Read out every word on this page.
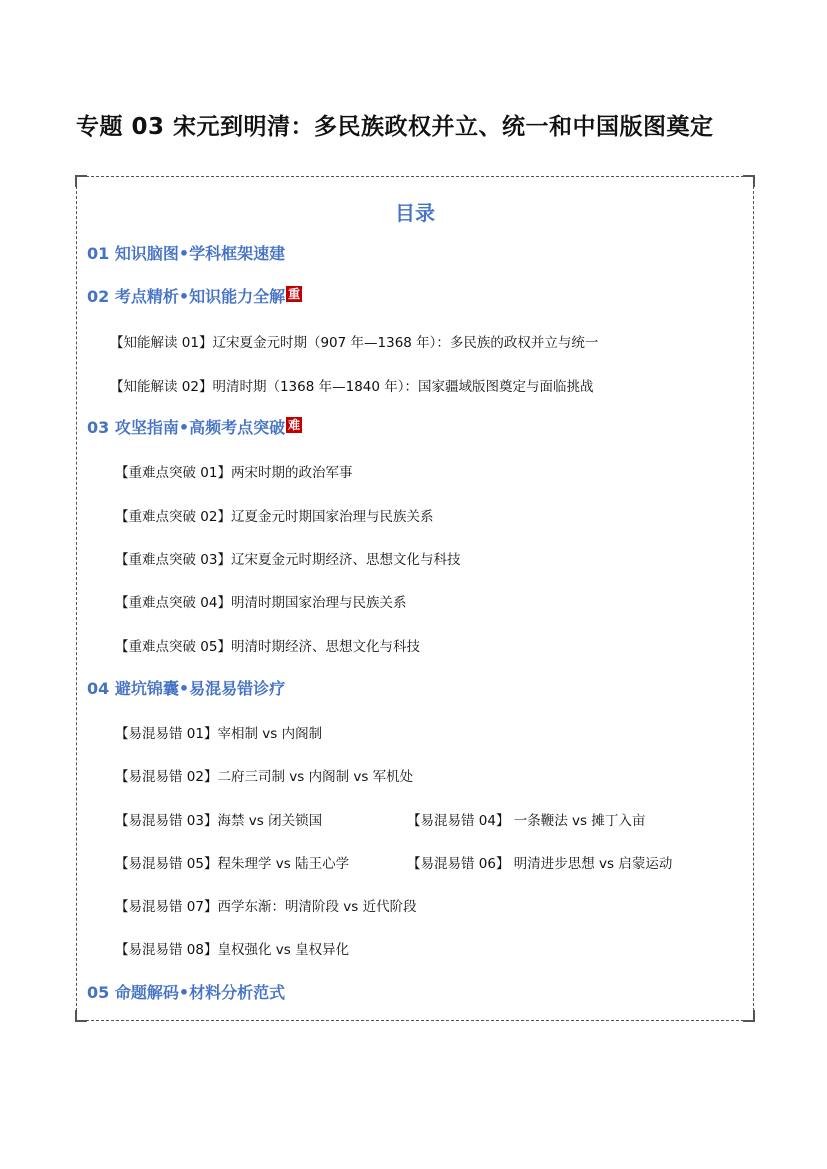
专题 03 宋元到明清：多民族政权并立、统一和中国版图奠定
目录
01 知识脑图•学科框架速建
02 考点精析•知识能力全解 重
【知能解读 01】辽宋夏金元时期（907 年—1368 年）：多民族的政权并立与统一
【知能解读 02】明清时期（1368 年—1840 年）：国家疆域版图奠定与面临挑战
03 攻坚指南•高频考点突破 难
【重难点突破 01】两宋时期的政治军事
【重难点突破 02】辽夏金元时期国家治理与民族关系
【重难点突破 03】辽宋夏金元时期经济、思想文化与科技
【重难点突破 04】明清时期国家治理与民族关系
【重难点突破 05】明清时期经济、思想文化与科技
04 避坑锦囊•易混易错诊疗
【易混易错 01】宰相制 vs 内阁制
【易混易错 02】二府三司制 vs 内阁制 vs 军机处
【易混易错 03】海禁 vs 闭关锁国	【易混易错 04】 一条鞭法 vs 摊丁入亩
【易混易错 05】程朱理学 vs 陆王心学	【易混易错 06】 明清进步思想 vs 启蒙运动
【易混易错 07】西学东渐：明清阶段 vs 近代阶段
【易混易错 08】皇权强化 vs 皇权异化
05 命题解码•材料分析范式
